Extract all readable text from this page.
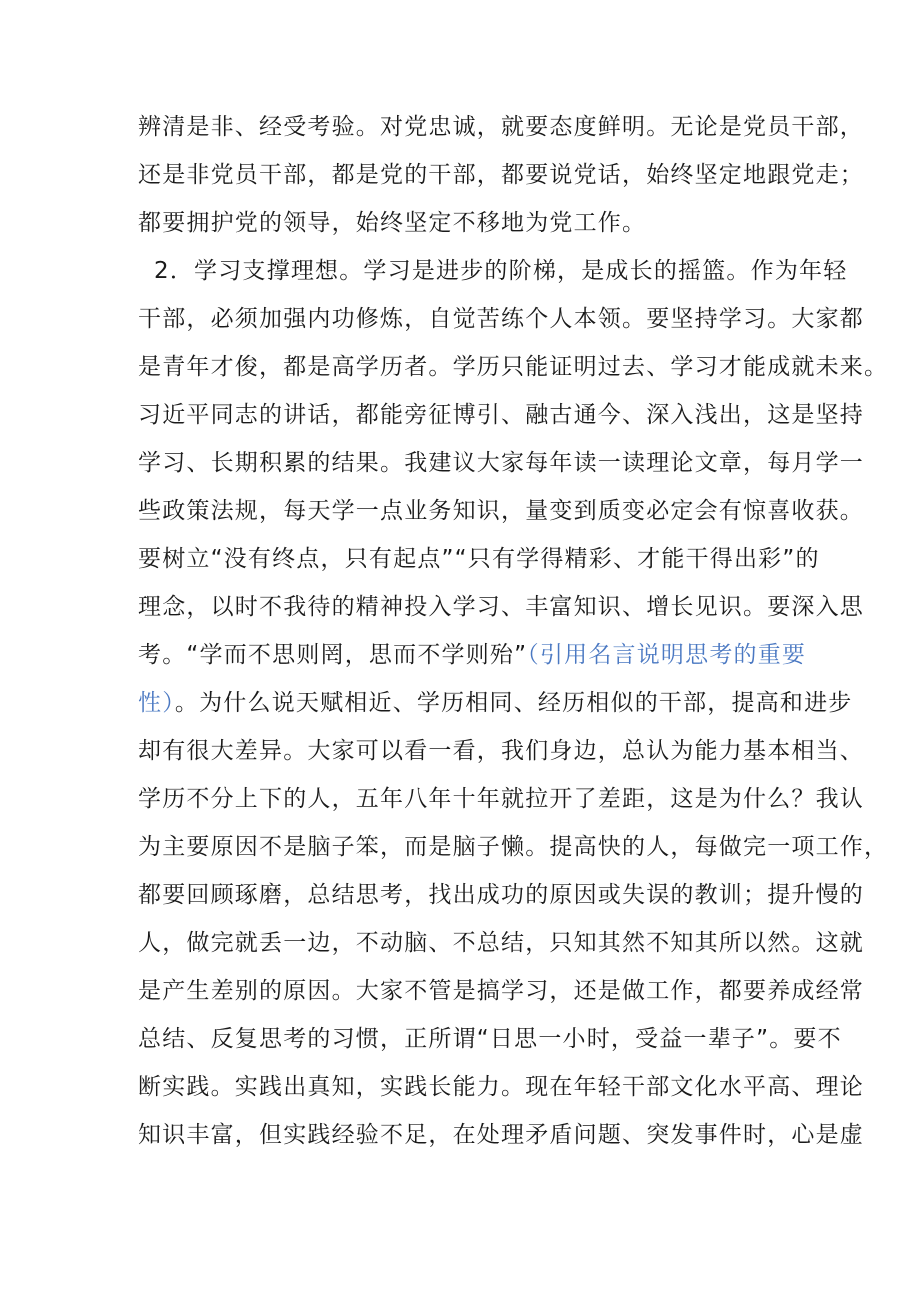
辨清是非、经受考验。对党忠诚，就要态度鲜明。无论是党员干部，
还是非党员干部，都是党的干部，都要说党话，始终坚定地跟党走；
都要拥护党的领导，始终坚定不移地为党工作。
2．学习支撑理想。学习是进步的阶梯，是成长的摇篮。作为年轻
干部，必须加强内功修炼，自觉苦练个人本领。要坚持学习。大家都
是青年才俊，都是高学历者。学历只能证明过去、学习才能成就未来。
习近平同志的讲话，都能旁征博引、融古通今、深入浅出，这是坚持
学习、长期积累的结果。我建议大家每年读一读理论文章，每月学一
些政策法规，每天学一点业务知识，量变到质变必定会有惊喜收获。
要树立“没有终点，只有起点”“只有学得精彩、才能干得出彩”的
理念，以时不我待的精神投入学习、丰富知识、增长见识。要深入思
考。“学而不思则罔，思而不学则殆”（引用名言说明思考的重要
性）。为什么说天赋相近、学历相同、经历相似的干部，提高和进步
却有很大差异。大家可以看一看，我们身边，总认为能力基本相当、
学历不分上下的人，五年八年十年就拉开了差距，这是为什么？我认
为主要原因不是脑子笨，而是脑子懒。提高快的人，每做完一项工作，
都要回顾琢磨，总结思考，找出成功的原因或失误的教训；提升慢的
人，做完就丢一边，不动脑、不总结，只知其然不知其所以然。这就
是产生差别的原因。大家不管是搞学习，还是做工作，都要养成经常
总结、反复思考的习惯，正所谓“日思一小时，受益一辈子”。要不
断实践。实践出真知，实践长能力。现在年轻干部文化水平高、理论
知识丰富，但实践经验不足，在处理矛盾问题、突发事件时，心是虚
